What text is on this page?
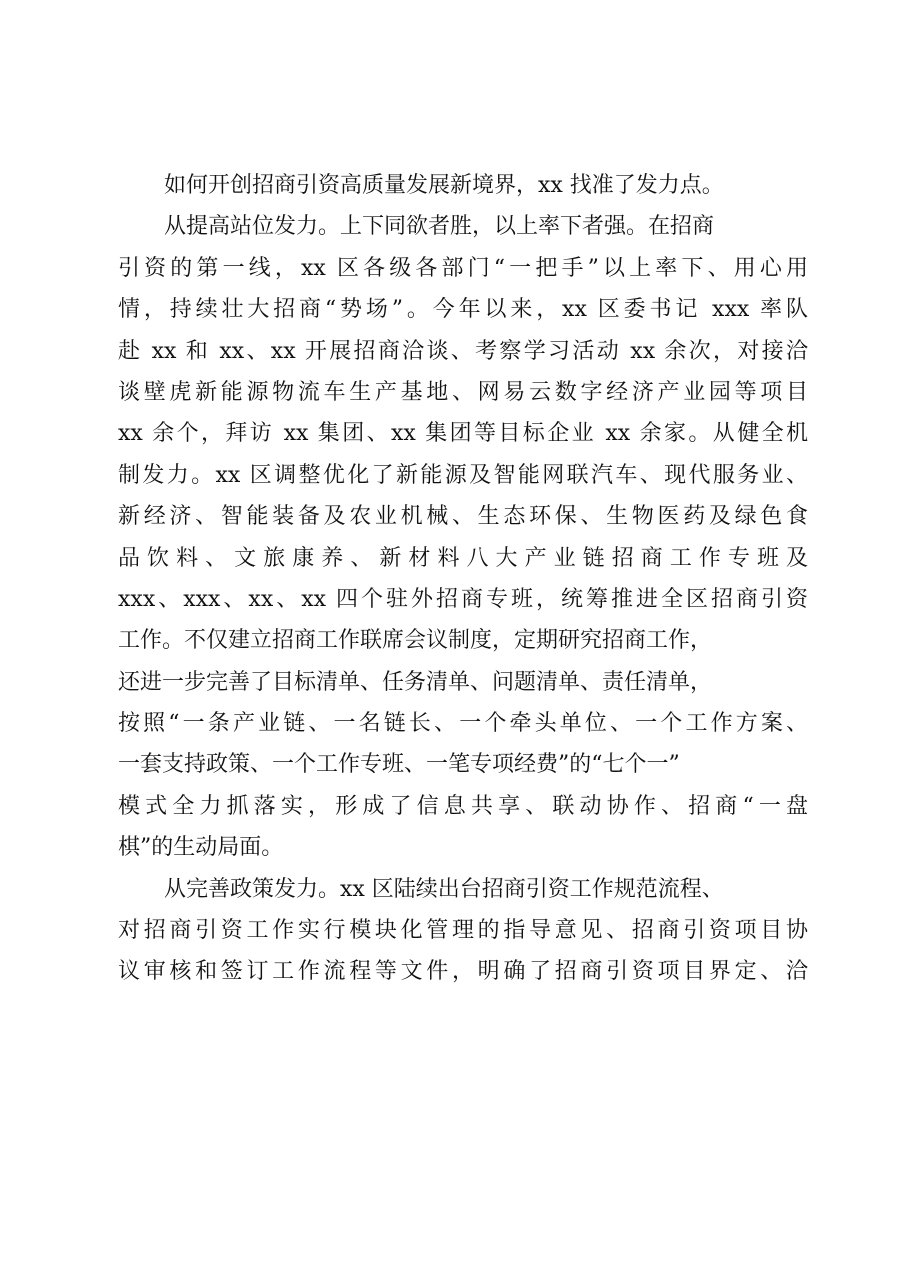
如何开创招商引资高质量发展新境界，xx 找准了发力点。
从提高站位发力。上下同欲者胜，以上率下者强。在招商
引资的第一线，xx 区各级各部门“一把手”以上率下、用心用
情，持续壮大招商“势场”。今年以来，xx 区委书记 xxx 率队
赴 xx 和 xx、xx 开展招商洽谈、考察学习活动 xx 余次，对接洽
谈壁虎新能源物流车生产基地、网易云数字经济产业园等项目
xx 余个，拜访 xx 集团、xx 集团等目标企业 xx 余家。从健全机
制发力。xx 区调整优化了新能源及智能网联汽车、现代服务业、
新经济、智能装备及农业机械、生态环保、生物医药及绿色食
品饮料、文旅康养、新材料八大产业链招商工作专班及
xxx、xxx、xx、xx 四个驻外招商专班，统筹推进全区招商引资
工作。不仅建立招商工作联席会议制度，定期研究招商工作，
还进一步完善了目标清单、任务清单、问题清单、责任清单，
按照“一条产业链、一名链长、一个牵头单位、一个工作方案、
一套支持政策、一个工作专班、一笔专项经费”的“七个一”
模式全力抓落实，形成了信息共享、联动协作、招商“一盘
棋”的生动局面。
从完善政策发力。xx 区陆续出台招商引资工作规范流程、
对招商引资工作实行模块化管理的指导意见、招商引资项目协
议审核和签订工作流程等文件，明确了招商引资项目界定、洽
